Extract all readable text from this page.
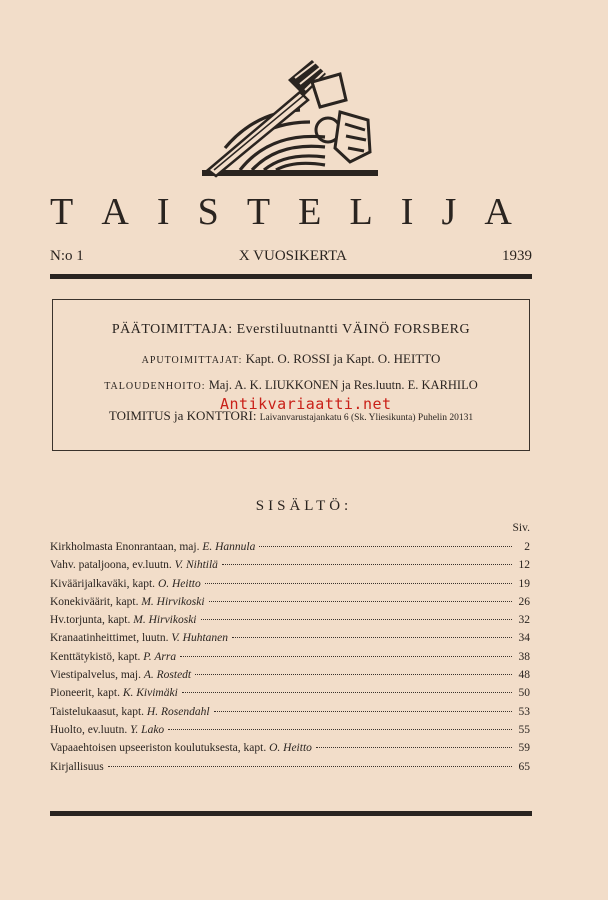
T A I S T E L I J A
N:o 1	X VUOSIKERTA	1939
PÄÄTOIMITTAJA: Everstiluutnantti VÄINÖ FORSBERG
APUTOIMITTAJAT: Kapt. O. ROSSI ja Kapt. O. HEITTO
TALOUDENHOITO: Maj. A. K. LIUKKONEN ja Res.luutn. E. KARHILO
TOIMITUS ja KONTTORI: Laivanvarustajankatu 6 (Sk. Yliesikunta) Puhelin 20131
Antikvariaatti.net
SISÄLTÖ:
Siv.
Kirkholmasta Enonrantaan, maj. E. Hannula	2
Vahv. pataljoona, ev.luutn. V. Nihtilä	12
Kiväärijalkaväki, kapt. O. Heitto	19
Konekiväärit, kapt. M. Hirvikoski	26
Hv.torjunta, kapt. M. Hirvikoski	32
Kranaatinheittimet, luutn. V. Huhtanen	34
Kenttätykistö, kapt. P. Arra	38
Viestipalvelus, maj. A. Rostedt	48
Pioneerit, kapt. K. Kivimäki	50
Taistelukaasut, kapt. H. Rosendahl	53
Huolto, ev.luutn. Y. Lako	55
Vapaaehtoisen upseeriston koulutuksesta, kapt. O. Heitto	59
Kirjallisuus	65
